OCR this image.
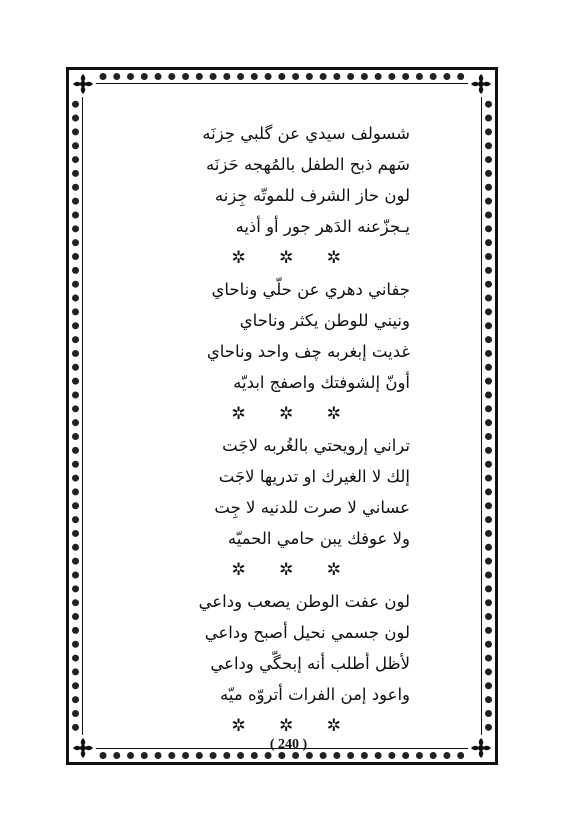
شسولف سيدي عن گلبي حِزنَه
سَهم ذبح الطفل بالمُهجه حَزنَه
لون حاز الشرف للموتّه جِزنه
يـجزّعنه الدَهر جور أو أذيه
✲ ✲ ✲
جفاني دهري عن حلّي وناحاي
ونيني للوطن يكثر وناحاي
غديت إبغربه چف واحد وناحاي
أونّ إلشوفتك واصفج ابديّه
✲ ✲ ✲
تراني إرويحتي بالغُربه لاجَت
إلك لا الغيرك او تدريها لاجَت
عساني لا صرت للدنيه لا جِت
ولا عوفك يبن حامي الحميّه
✲ ✲ ✲
لون عفت الوطن يصعب وداعي
لون جسمي نحيل أصبح وداعي
لأظل أطلب أنه إبحگّي وداعي
واعود إمن الفرات أتروّه ميّه
✲ ✲ ✲
( 240 )
